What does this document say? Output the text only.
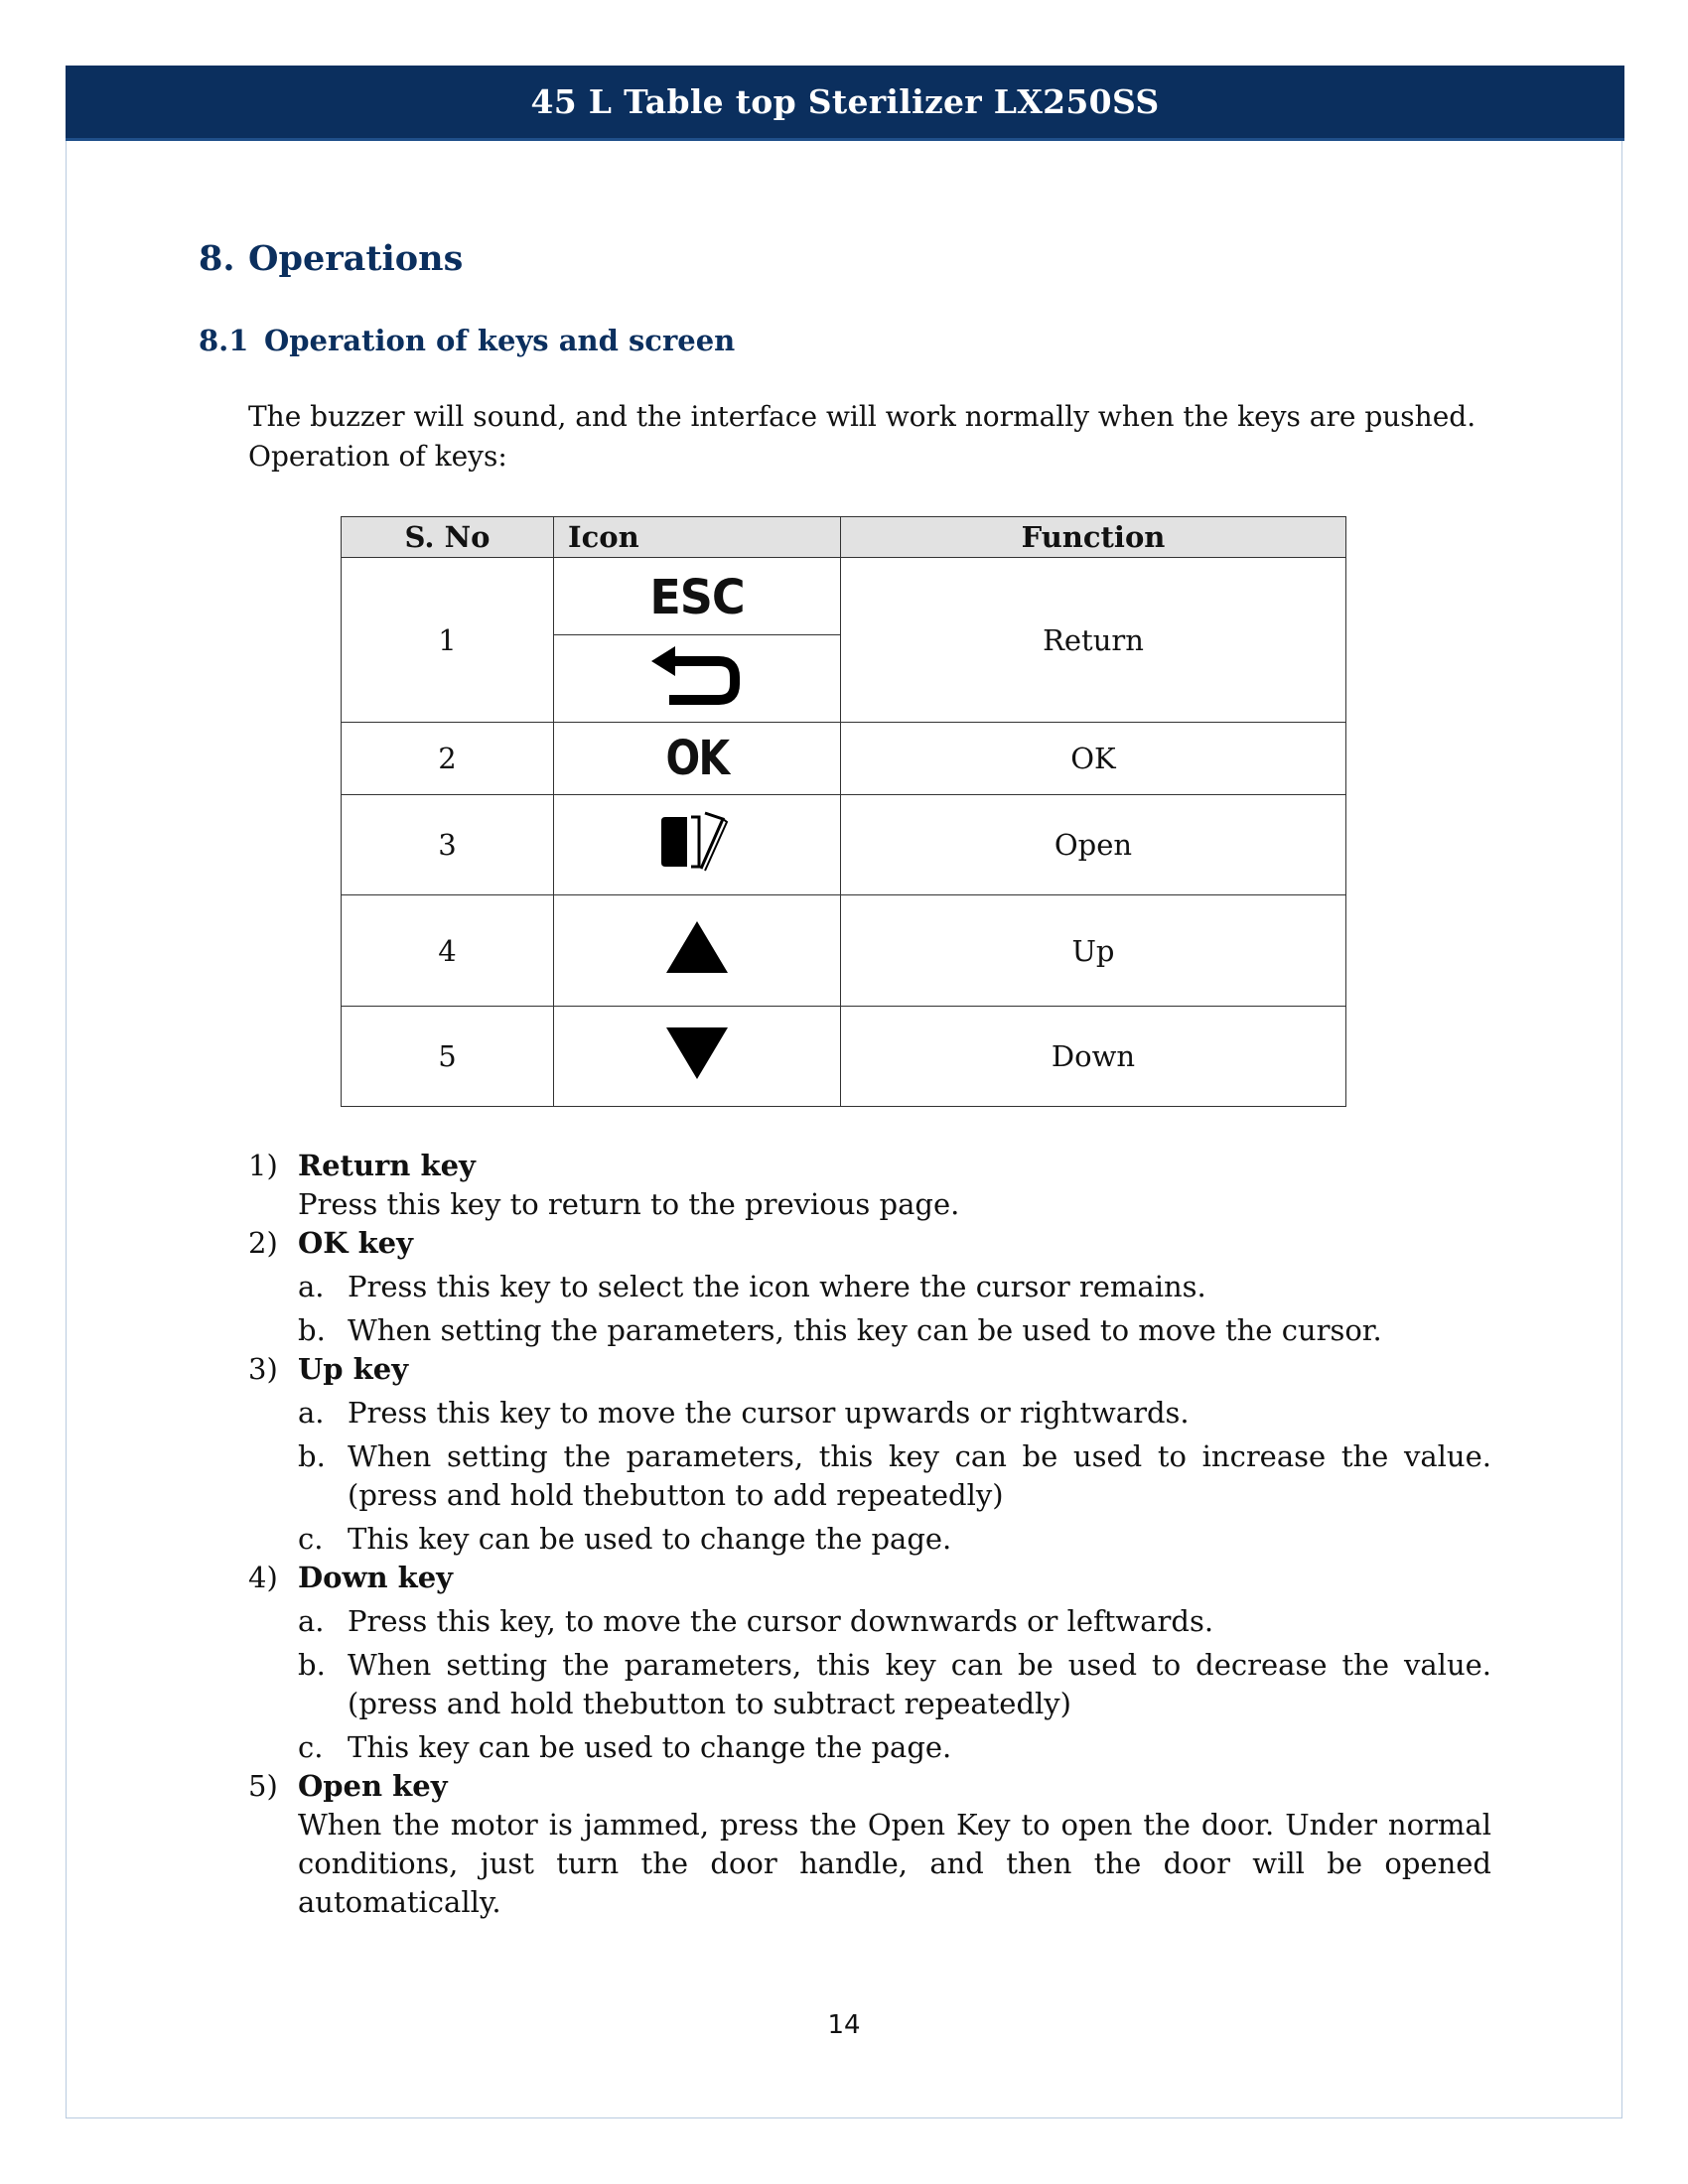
45 L Table top Sterilizer LX250SS
8. Operations
8.1 Operation of keys and screen

The buzzer will sound, and the interface will work normally when the keys are pushed.

Operation of keys:

S. No	Icon	Function
1	ESC	Return

2	OK	OK
3		Open
4		Up
5		Down
1) Return key

Press this key to return to the previous page.

2) OK key
a. Press this key to select the icon where the cursor remains.
b. When setting the parameters, this key can be used to move the cursor.
3) Up key
a. Press this key to move the cursor upwards or rightwards.
b. When setting the parameters, this key can be used to increase the value. (press and hold thebutton to add repeatedly)
c. This key can be used to change the page.
4) Down key
a. Press this key, to move the cursor downwards or leftwards.
b. When setting the parameters, this key can be used to decrease the value. (press and hold thebutton to subtract repeatedly)
c. This key can be used to change the page.
5) Open key

When the motor is jammed, press the Open Key to open the door. Under normal conditions, just turn the door handle, and then the door will be opened automatically.

14
